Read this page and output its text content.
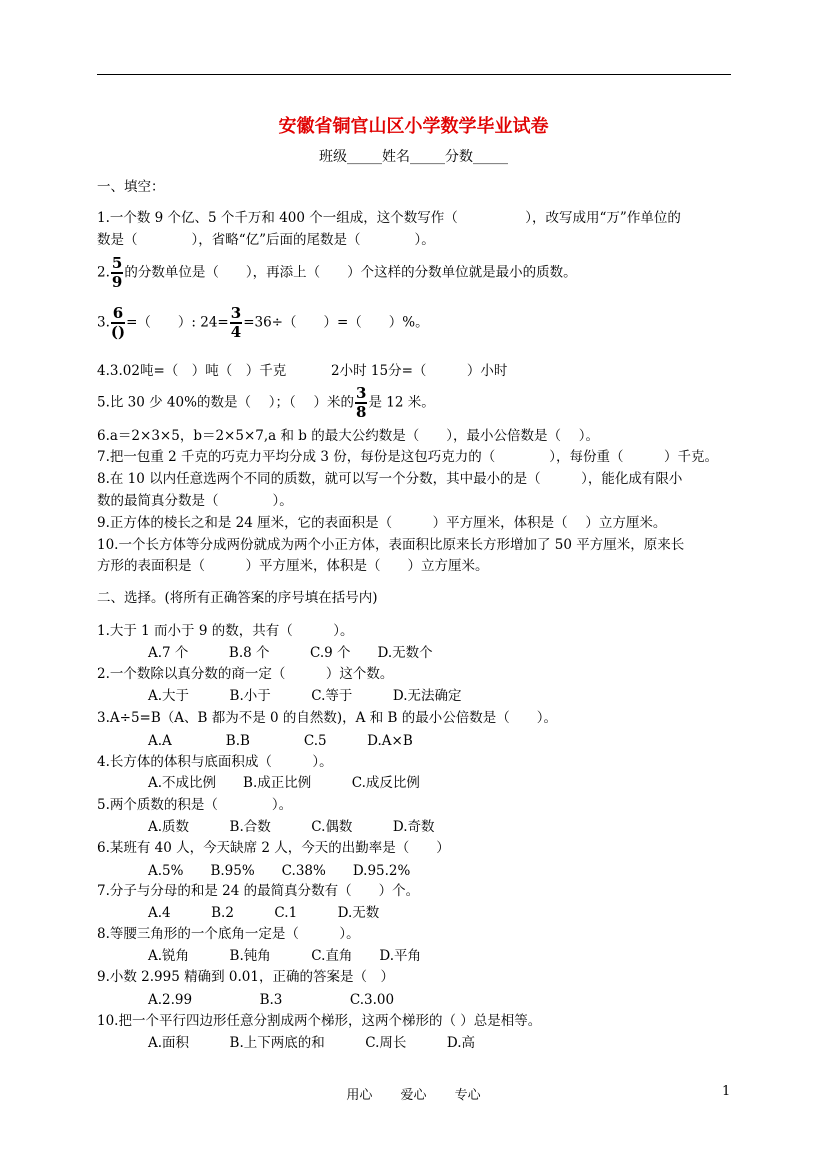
安徽省铜官山区小学数学毕业试卷
班级_____姓名_____分数_____
一、填空：
1.一个数 9 个亿、5 个千万和 400 个一组成，这个数写作（　　　　　），改写成用“万”作单位的
数是（　　　　），省略“亿”后面的尾数是（　　　　）。
2. $\frac{5}{9}$ 的分数单位是（　　），再添上（　　）个这样的分数单位就是最小的质数。
3. $\frac{6}{()}$ =（　　）: $24= \frac{3}{4} =36\div$（　　）=（　　）%。
4.3.02吨=（　）吨（　）千克　　　 2小时 15分=（　　　）小时
5.比 30 少 40%的数是（　 ）；（　 ）米的 $\frac{3}{8}$ 是 12 米。
6.a＝2×3×5，b＝2×5×7,a 和 b 的最大公约数是（　　），最小公倍数是（　 ）。
7.把一包重 2 千克的巧克力平均分成 3 份，每份是这包巧克力的（　　　　），每份重（　　　）千克。
8.在 10 以内任意选两个不同的质数，就可以写一个分数，其中最小的是（　　　），能化成有限小
数的最简真分数是（　　　　）。
9.正方体的棱长之和是 24 厘米，它的表面积是（　　　）平方厘米，体积是（　 ）立方厘米。
10.一个长方体等分成两份就成为两个小正方体，表面积比原来长方形增加了 50 平方厘米，原来长
方形的表面积是（　　　）平方厘米，体积是（　　）立方厘米。
二、选择。(将所有正确答案的序号填在括号内)
1.大于 1 而小于 9 的数，共有（　　　）。
A.7 个　　　B.8 个　　　C.9 个　　D.无数个
2.一个数除以真分数的商一定（　　　）这个数。
A.大于　　　B.小于　　　C.等于　　　D.无法确定
3.A÷5=B（A、B 都为不是 0 的自然数)，A 和 B 的最小公倍数是（　　）。
A.A　　　　B.B　　　　C.5　　　D.A×B
4.长方体的体积与底面积成（　　　）。
A.不成比例　　B.成正比例　　　C.成反比例
5.两个质数的积是（　　　　）。
A.质数　　　B.合数　　　C.偶数　　　D.奇数
6.某班有 40 人，今天缺席 2 人，今天的出勤率是（　　）
A.5%　　B.95%　　C.38%　　D.95.2%
7.分子与分母的和是 24 的最简真分数有（　　）个。
A.4　　　B.2　　　C.1　　　D.无数
8.等腰三角形的一个底角一定是（　　　）。
A.锐角　　　B.钝角　　　C.直角　　D.平角
9.小数 2.995 精确到 0.01，正确的答案是（　）
A.2.99　　　　　B.3　　　　　C.3.00
10.把一个平行四边形任意分割成两个梯形，这两个梯形的（ ）总是相等。
A.面积　　　B.上下两底的和　　　C.周长　　　D.高
用心 爱心 专心	1
